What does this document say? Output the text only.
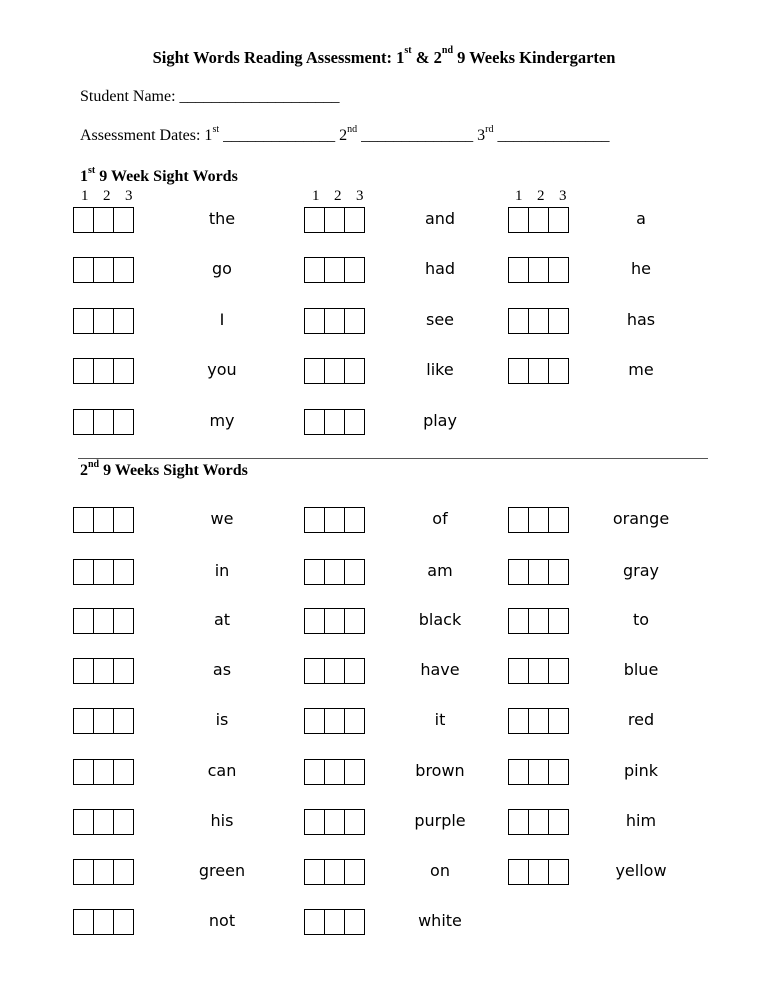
Sight Words Reading Assessment: 1st & 2nd 9 Weeks Kindergarten
Student Name: ____________________
Assessment Dates: 1st ______________ 2nd ______________ 3rd ______________
1st 9 Week Sight Words
1 2 3	1 2 3	1 2 3
the	and	a
go	had	he
I	see	has
you	like	me
my	play
2nd 9 Weeks Sight Words
we	of	orange
in	am	gray
at	black	to
as	have	blue
is	it	red
can	brown	pink
his	purple	him
green	on	yellow
not	white
